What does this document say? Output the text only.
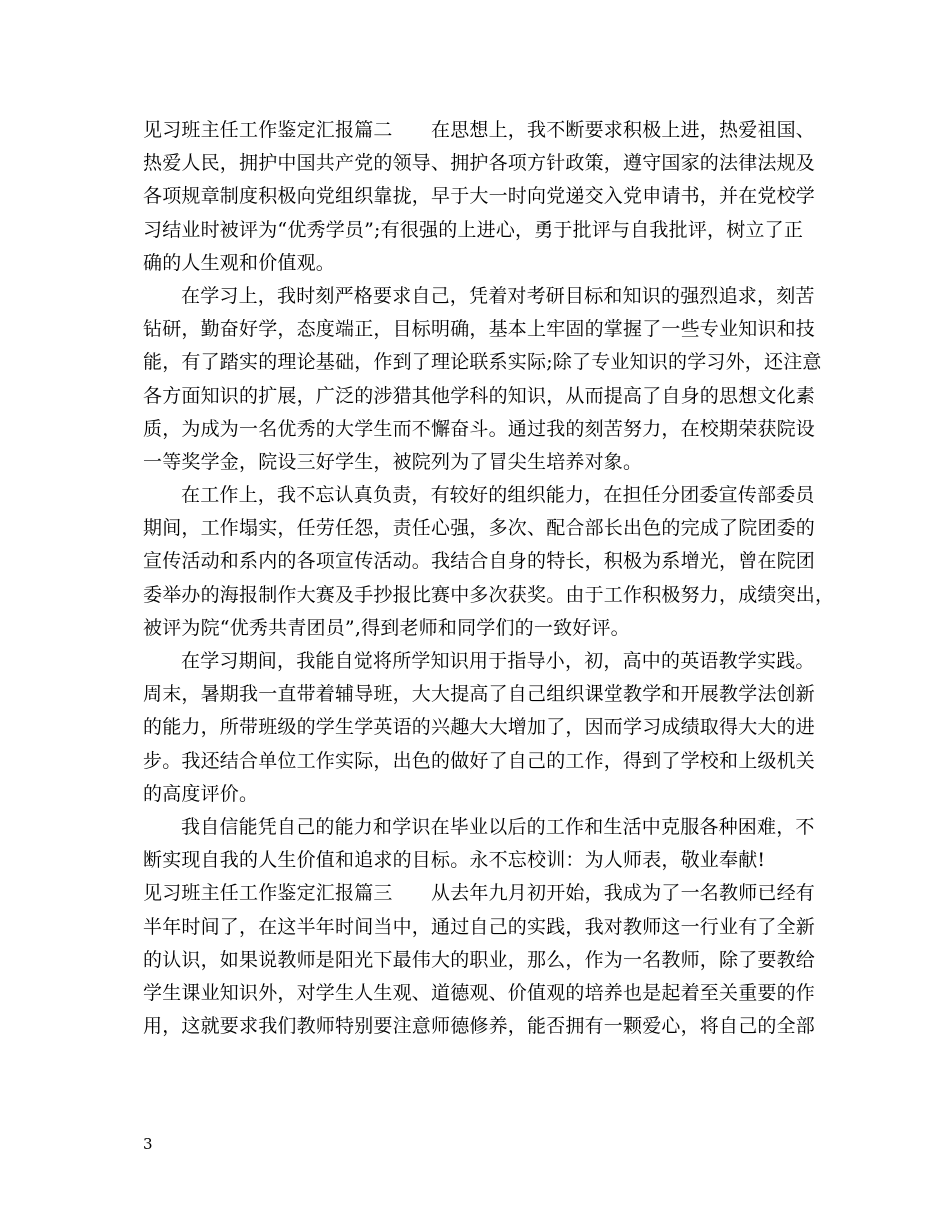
见习班主任工作鉴定汇报篇二　　在思想上，我不断要求积极上进，热爱祖国、
热爱人民，拥护中国共产党的领导、拥护各项方针政策，遵守国家的法律法规及
各项规章制度积极向党组织靠拢，早于大一时向党递交入党申请书，并在党校学
习结业时被评为“优秀学员”;有很强的上进心，勇于批评与自我批评，树立了正
确的人生观和价值观。
在学习上，我时刻严格要求自己，凭着对考研目标和知识的强烈追求，刻苦
钻研，勤奋好学，态度端正，目标明确，基本上牢固的掌握了一些专业知识和技
能，有了踏实的理论基础，作到了理论联系实际;除了专业知识的学习外，还注意
各方面知识的扩展，广泛的涉猎其他学科的知识，从而提高了自身的思想文化素
质，为成为一名优秀的大学生而不懈奋斗。通过我的刻苦努力，在校期荣获院设
一等奖学金，院设三好学生，被院列为了冒尖生培养对象。
在工作上，我不忘认真负责，有较好的组织能力，在担任分团委宣传部委员
期间，工作塌实，任劳任怨，责任心强，多次、配合部长出色的完成了院团委的
宣传活动和系内的各项宣传活动。我结合自身的特长，积极为系增光，曾在院团
委举办的海报制作大赛及手抄报比赛中多次获奖。由于工作积极努力，成绩突出，
被评为院“优秀共青团员”,得到老师和同学们的一致好评。
在学习期间，我能自觉将所学知识用于指导小，初，高中的英语教学实践。
周末，暑期我一直带着辅导班，大大提高了自己组织课堂教学和开展教学法创新
的能力，所带班级的学生学英语的兴趣大大增加了，因而学习成绩取得大大的进
步。我还结合单位工作实际，出色的做好了自己的工作，得到了学校和上级机关
的高度评价。
我自信能凭自己的能力和学识在毕业以后的工作和生活中克服各种困难，不
断实现自我的人生价值和追求的目标。永不忘校训：为人师表，敬业奉献!
见习班主任工作鉴定汇报篇三　　从去年九月初开始，我成为了一名教师已经有
半年时间了，在这半年时间当中，通过自己的实践，我对教师这一行业有了全新
的认识，如果说教师是阳光下最伟大的职业，那么，作为一名教师，除了要教给
学生课业知识外，对学生人生观、道德观、价值观的培养也是起着至关重要的作
用，这就要求我们教师特别要注意师德修养，能否拥有一颗爱心，将自己的全部
3
